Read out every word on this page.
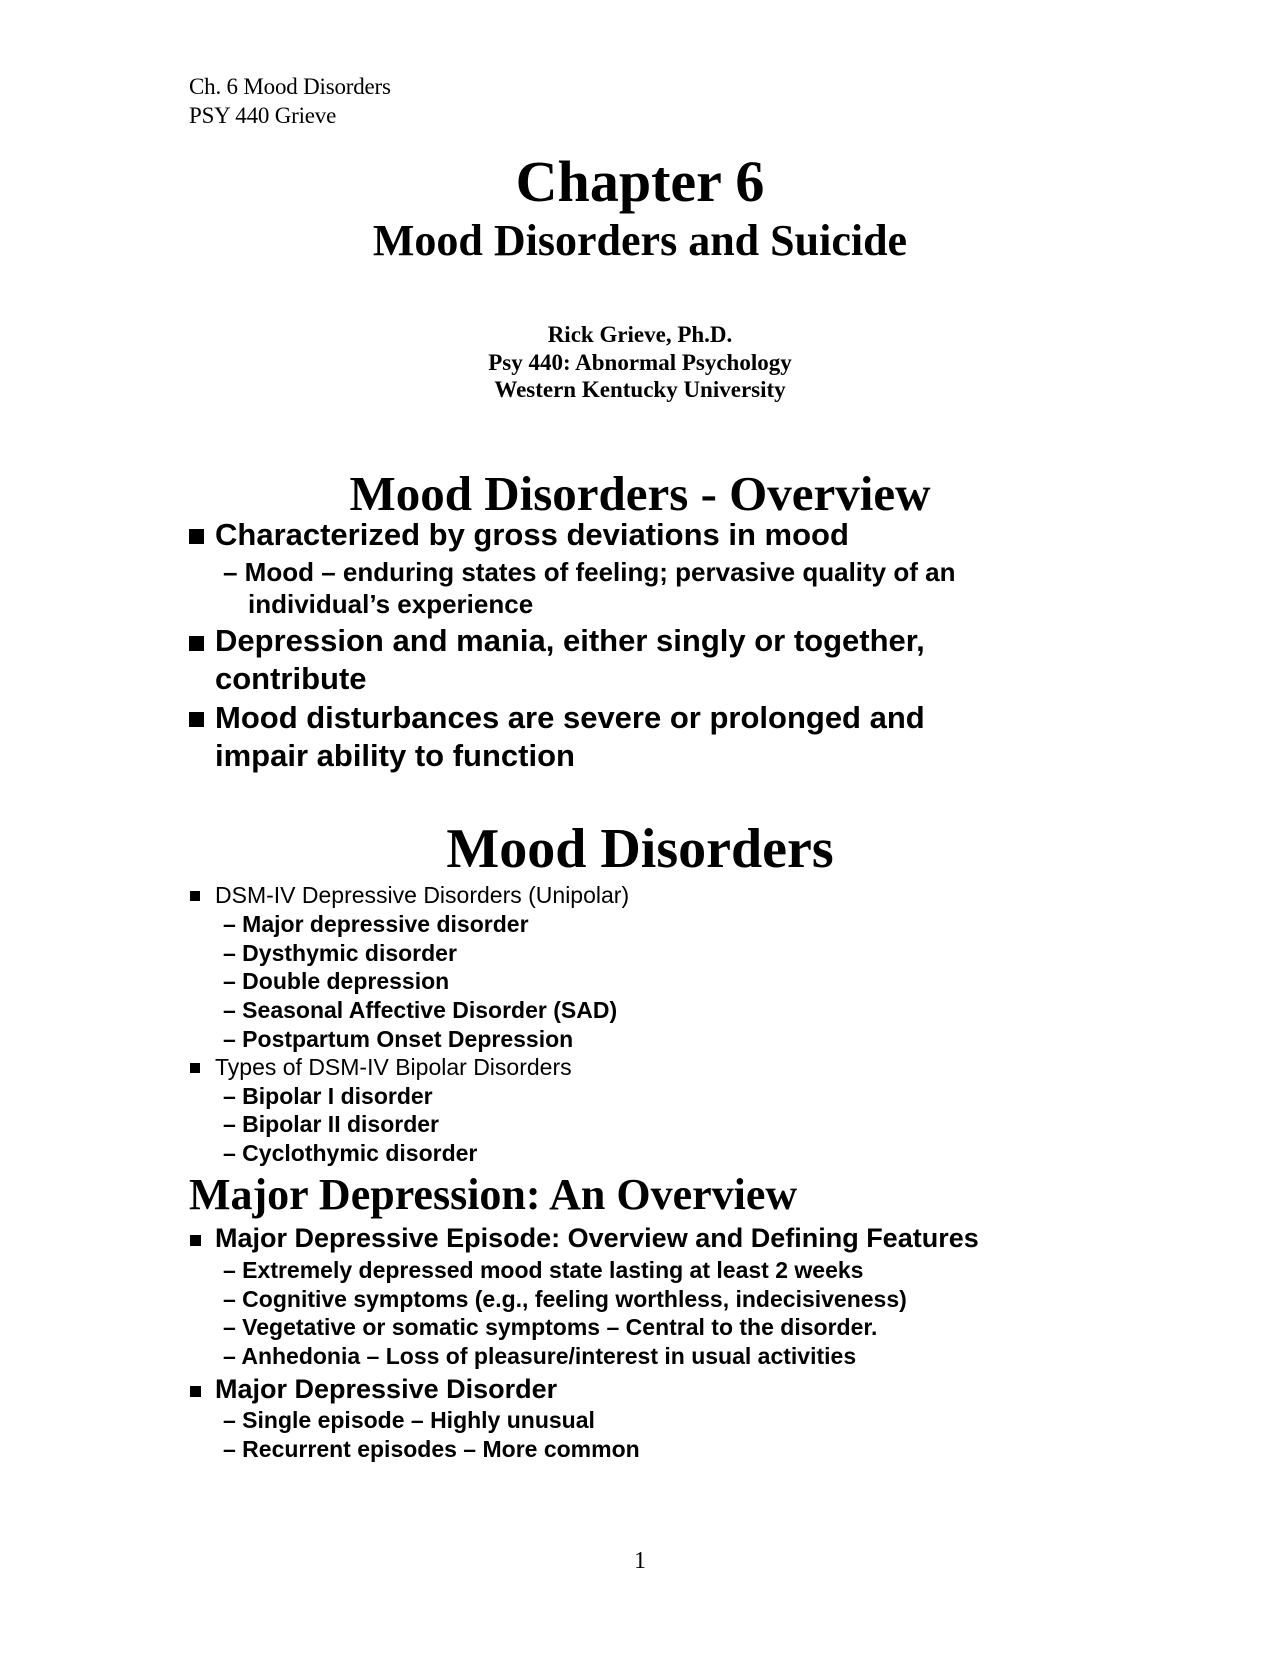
Ch. 6 Mood Disorders
PSY 440 Grieve
Chapter 6
Mood Disorders and Suicide
Rick Grieve, Ph.D.
Psy 440: Abnormal Psychology
Western Kentucky University
Mood Disorders - Overview
Characterized by gross deviations in mood
– Mood – enduring states of feeling; pervasive quality of an
individual’s experience
Depression and mania, either singly or together,
contribute
Mood disturbances are severe or prolonged and
impair ability to function
Mood Disorders
DSM-IV Depressive Disorders (Unipolar)
– Major depressive disorder
– Dysthymic disorder
– Double depression
– Seasonal Affective Disorder (SAD)
– Postpartum Onset Depression
Types of DSM-IV Bipolar Disorders
– Bipolar I disorder
– Bipolar II disorder
– Cyclothymic disorder
Major Depression: An Overview
Major Depressive Episode: Overview and Defining Features
– Extremely depressed mood state lasting at least 2 weeks
– Cognitive symptoms (e.g., feeling worthless, indecisiveness)
– Vegetative or somatic symptoms – Central to the disorder.
– Anhedonia – Loss of pleasure/interest in usual activities
Major Depressive Disorder
– Single episode – Highly unusual
– Recurrent episodes – More common
1
